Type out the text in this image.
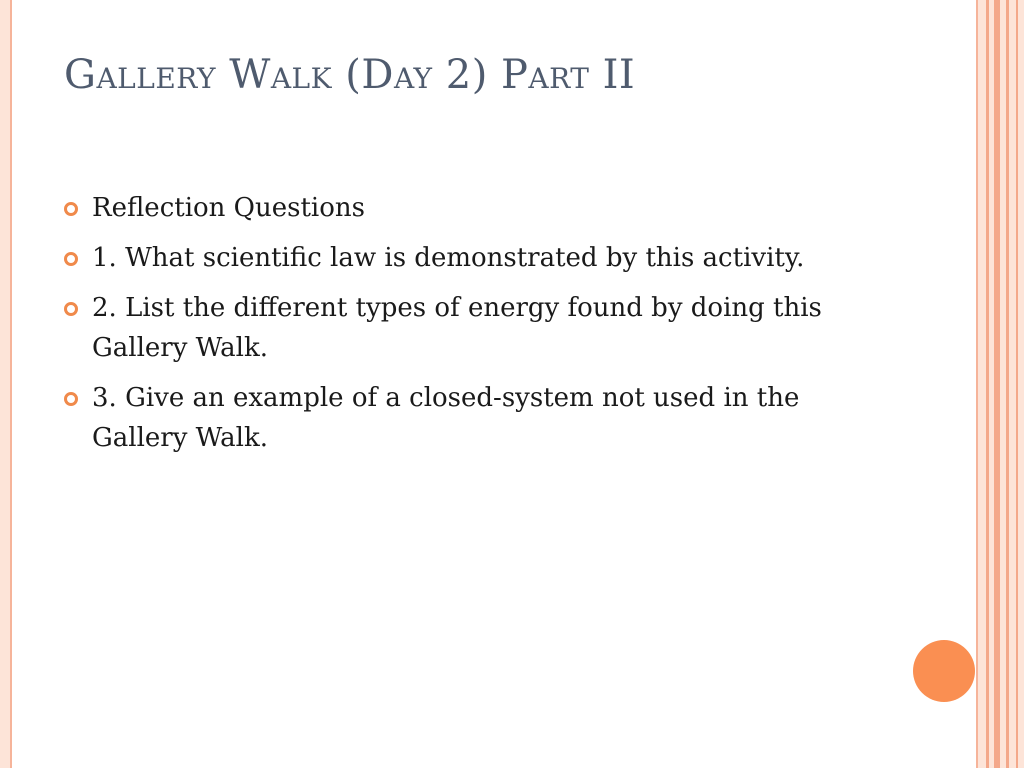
Gallery Walk (Day 2) Part II
Reflection Questions
1. What scientific law is demonstrated by this activity.
2. List the different types of energy found by doing this Gallery Walk.
3. Give an example of a closed-system not used in the Gallery Walk.
